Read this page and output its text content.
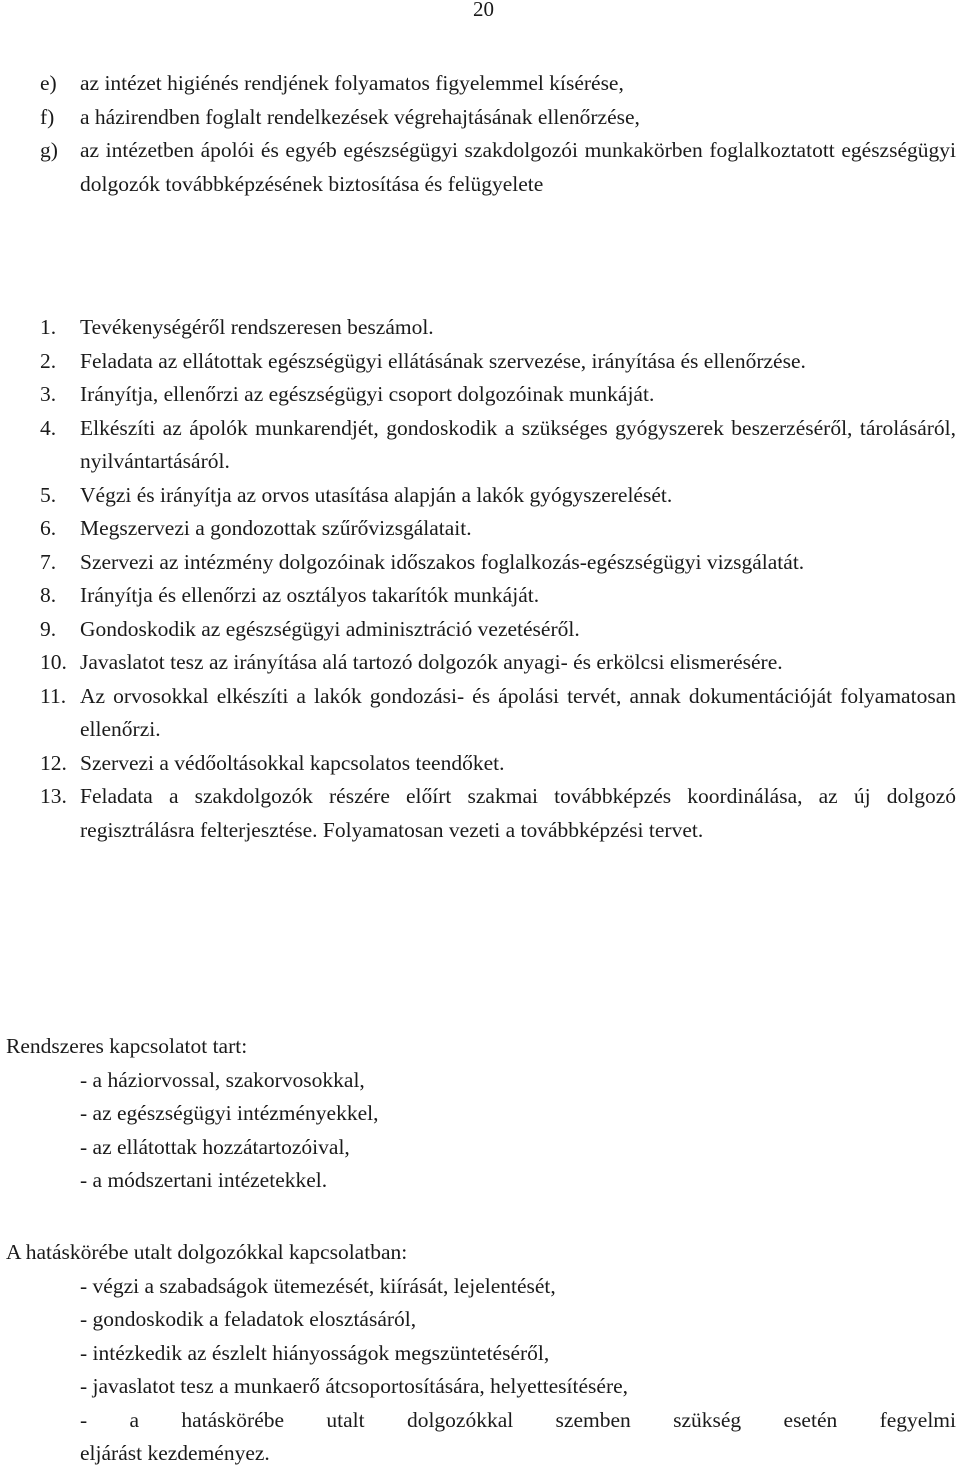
20
e) az intézet higiénés rendjének folyamatos figyelemmel kísérése,
f) a házirendben foglalt rendelkezések végrehajtásának ellenőrzése,
g) az intézetben ápolói és egyéb egészségügyi szakdolgozói munkakörben foglalkoztatott egészségügyi dolgozók továbbképzésének biztosítása és felügyelete
1. Tevékenységéről rendszeresen beszámol.
2. Feladata az ellátottak egészségügyi ellátásának szervezése, irányítása és ellenőrzése.
3. Irányítja, ellenőrzi az egészségügyi csoport dolgozóinak munkáját.
4. Elkészíti az ápolók munkarendjét, gondoskodik a szükséges gyógyszerek beszerzéséről, tárolásáról, nyilvántartásáról.
5. Végzi és irányítja az orvos utasítása alapján a lakók gyógyszerelését.
6. Megszervezi a gondozottak szűrővizsgálatait.
7. Szervezi az intézmény dolgozóinak időszakos foglalkozás-egészségügyi vizsgálatát.
8. Irányítja és ellenőrzi az osztályos takarítók munkáját.
9. Gondoskodik az egészségügyi adminisztráció vezetéséről.
10. Javaslatot tesz az irányítása alá tartozó dolgozók anyagi- és erkölcsi elismerésére.
11. Az orvosokkal elkészíti a lakók gondozási- és ápolási tervét, annak dokumentációját folyamatosan ellenőrzi.
12. Szervezi a védőoltásokkal kapcsolatos teendőket.
13. Feladata a szakdolgozók részére előírt szakmai továbbképzés koordinálása, az új dolgozó regisztrálásra felterjesztése. Folyamatosan vezeti a továbbképzési tervet.
Rendszeres kapcsolatot tart:
- a háziorvossal, szakorvosokkal,
- az egészségügyi intézményekkel,
- az ellátottak hozzátartozóival,
- a módszertani intézetekkel.
A hatáskörébe utalt dolgozókkal kapcsolatban:
- végzi a szabadságok ütemezését, kiírását, lejelentését,
- gondoskodik a feladatok elosztásáról,
- intézkedik az észlelt hiányosságok megszüntetéséről,
- javaslatot tesz a munkaerő átcsoportosítására, helyettesítésére,
- a hatáskörébe utalt dolgozókkal szemben szükség esetén fegyelmi
eljárást kezdeményez.
